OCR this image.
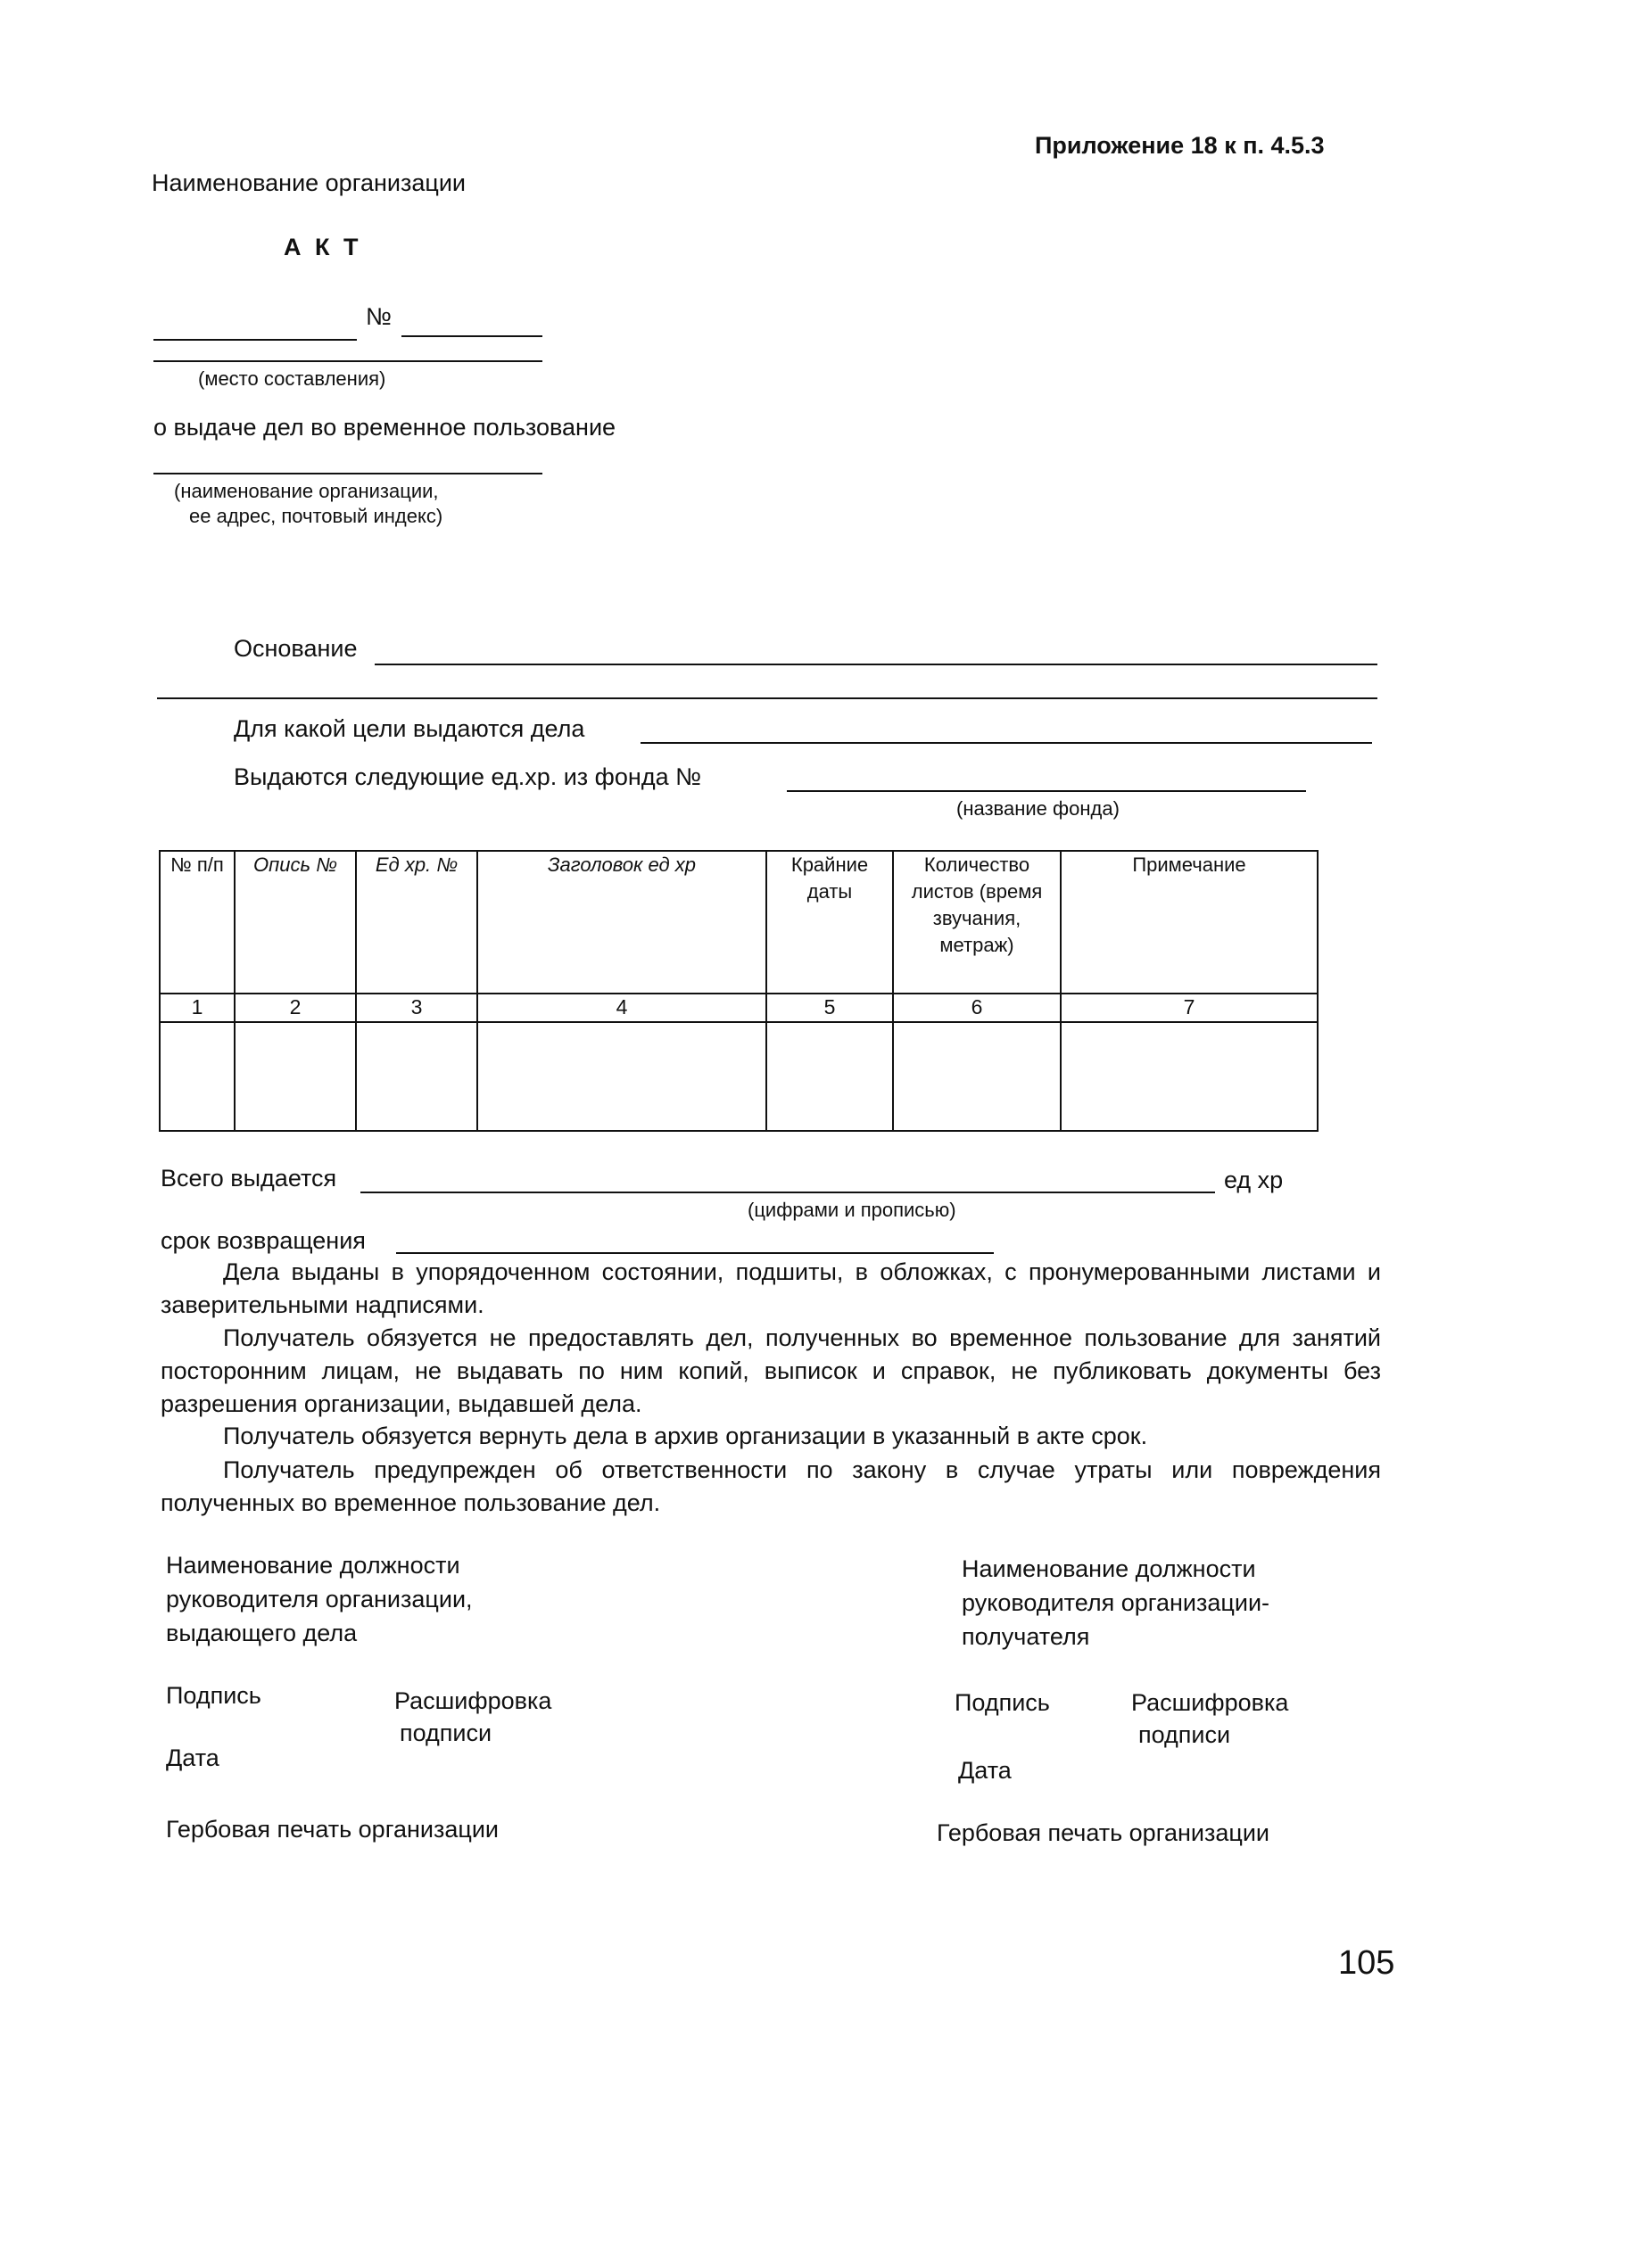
Приложение 18 к п. 4.5.3
Наименование организации
А К Т
№
(место составления)
о выдаче дел во временное пользование
(наименование организации,
ее адрес, почтовый индекс)
Основание
Для какой цели выдаются дела
Выдаются следующие ед.хр. из фонда №
(название фонда)
№ п/п	Опись №	Ед хр. №	Заголовок ед хр	Крайние даты	Количество листов (время звучания, метраж)	Примечание
1	2	3	4	5	6	7

Всего выдается	ед хр
(цифрами и прописью)
срок возвращения
Дела выданы в упорядоченном состоянии, подшиты, в обложках, с пронумерованными листами и заверительными надписями.
Получатель обязуется не предоставлять дел, полученных во временное пользование для занятий посторонним лицам, не выдавать по ним копий, выписок и справок, не публиковать документы без разрешения организации, выдавшей дела.
Получатель обязуется вернуть дела в архив организации в указанный в акте срок.
Получатель предупрежден об ответственности по закону в случае утраты или повреждения полученных во временное пользование дел.
Наименование должности
руководителя организации,
выдающего дела
Подпись	Расшифровка
подписи
Дата
Гербовая печать организации
Наименование должности
руководителя организации-
получателя
Подпись	Расшифровка
подписи
Дата
Гербовая печать организации
105
